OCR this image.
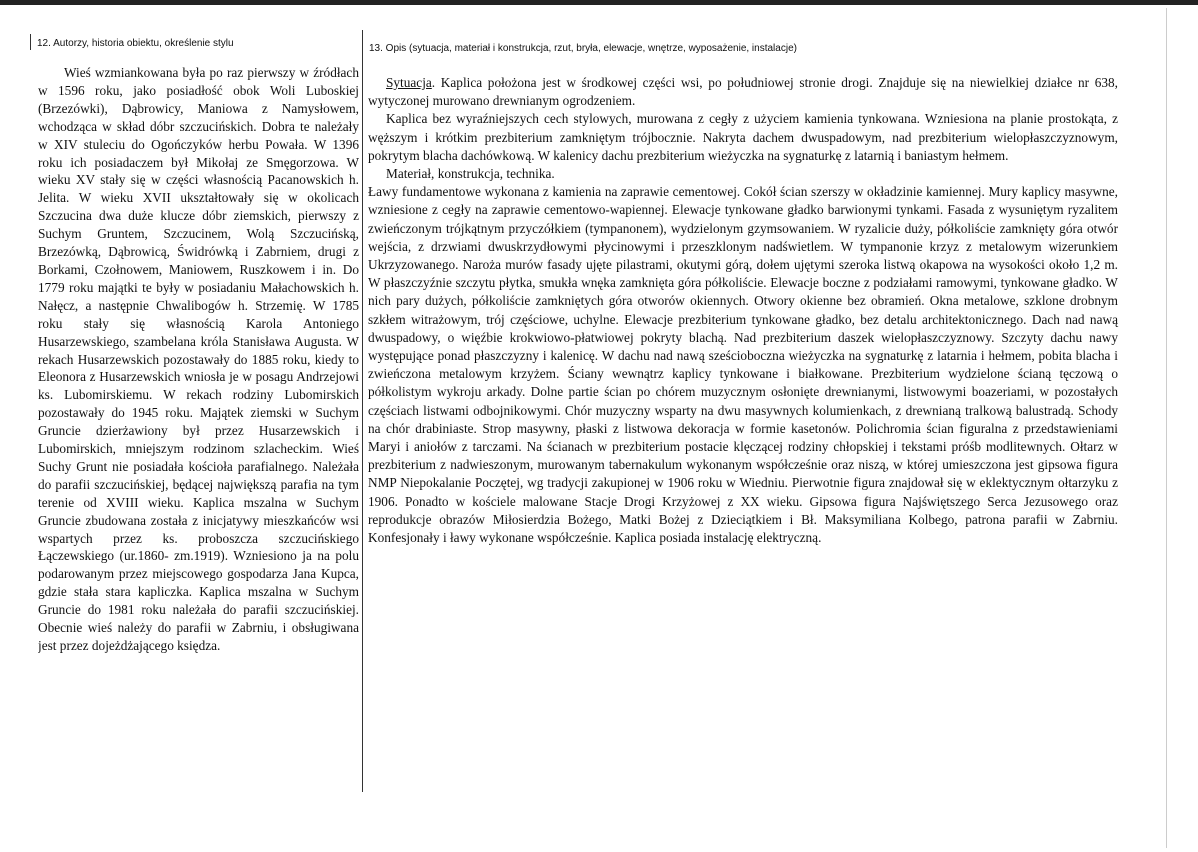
12. Autorzy, historia obiektu, określenie stylu	13. Opis (sytuacja, materiał i konstrukcja, rzut, bryła, elewacje, wnętrze, wyposażenie, instalacje)

Wieś wzmiankowana była po raz pierwszy w źródłach w 1596 roku, jako posiadłość obok Woli Luboskiej (Brzezówki), Dąbrowicy, Maniowa z Namysłowem, wchodząca w skład dóbr szczucińskich. Dobra te należały w XIV stuleciu do Ogończyków herbu Powała. W 1396 roku ich posiadaczem był Mikołaj ze Smęgorzowa. W wieku XV stały się w części własnością Pacanowskich h. Jelita. W wieku XVII ukształtowały się w okolicach Szczucina dwa duże klucze dóbr ziemskich, pierwszy z Suchym Gruntem, Szczucinem, Wolą Szczucińską, Brzezówką, Dąbrowicą, Świdrówką i Zabrniem, drugi z Borkami, Czołnowem, Maniowem, Ruszkowem i in. Do 1779 roku majątki te były w posiadaniu Małachowskich h. Nałęcz, a następnie Chwalibogów h. Strzemię. W 1785 roku stały się własnością Karola Antoniego Husarzewskiego, szambelana króla Stanisława Augusta. W rekach Husarzewskich pozostawały do 1885 roku, kiedy to Eleonora z Husarzewskich wniosła je w posagu Andrzejowi ks. Lubomirskiemu. W rekach rodziny Lubomirskich pozostawały do 1945 roku. Majątek ziemski w Suchym Gruncie dzierżawiony był przez Husarzewskich i Lubomirskich, mniejszym rodzinom szlacheckim. Wieś Suchy Grunt nie posiadała kościoła parafialnego. Należała do parafii szczucińskiej, będącej największą parafia na tym terenie od XVIII wieku. Kaplica mszalna w Suchym Gruncie zbudowana została z inicjatywy mieszkańców wsi wspartych przez ks. proboszcza szczucińskiego Łączewskiego (ur.1860- zm.1919). Wzniesiono ja na polu podarowanym przez miejscowego gospodarza Jana Kupca, gdzie stała stara kapliczka. Kaplica mszalna w Suchym Gruncie do 1981 roku należała do parafii szczucińskiej. Obecnie wieś należy do parafii w Zabrniu, i obsługiwana jest przez dojeżdżającego księdza.

Sytuacja. Kaplica położona jest w środkowej części wsi, po południowej stronie drogi. Znajduje się na niewielkiej działce nr 638, wytyczonej murowano drewnianym ogrodzeniem.

Kaplica bez wyraźniejszych cech stylowych, murowana z cegły z użyciem kamienia tynkowana. Wzniesiona na planie prostokąta, z węższym i krótkim prezbiterium zamkniętym trójbocznie. Nakryta dachem dwuspadowym, nad prezbiterium wielopłaszczyznowym, pokrytym blacha dachówkową. W kalenicy dachu prezbiterium wieżyczka na sygnaturkę z latarnią i baniastym hełmem.

Materiał, konstrukcja, technika.

Ławy fundamentowe wykonana z kamienia na zaprawie cementowej. Cokół ścian szerszy w okładzinie kamiennej. Mury kaplicy masywne, wzniesione z cegły na zaprawie cementowo-wapiennej. Elewacje tynkowane gładko barwionymi tynkami. Fasada z wysuniętym ryzalitem zwieńczonym trójkątnym przyczółkiem (tympanonem), wydzielonym gzymsowaniem. W ryzalicie duży, półkoliście zamknięty góra otwór wejścia, z drzwiami dwuskrzydłowymi płycinowymi i przeszklonym nadświetlem. W tympanonie krzyz z metalowym wizerunkiem Ukrzyzowanego. Naroża murów fasady ujęte pilastrami, okutymi górą, dołem ujętymi szeroka listwą okapowa na wysokości około 1,2 m. W płaszczyźnie szczytu płytka, smukła wnęka zamknięta góra półkoliście. Elewacje boczne z podziałami ramowymi, tynkowane gładko. W nich pary dużych, półkoliście zamkniętych góra otworów okiennych. Otwory okienne bez obramień. Okna metalowe, szklone drobnym szkłem witrażowym, trój częściowe, uchylne. Elewacje prezbiterium tynkowane gładko, bez detalu architektonicznego. Dach nad nawą dwuspadowy, o więźbie krokwiowo-płatwiowej pokryty blachą. Nad prezbiterium daszek wielopłaszczyznowy. Szczyty dachu nawy występujące ponad płaszczyzny i kalenicę. W dachu nad nawą sześcioboczna wieżyczka na sygnaturkę z latarnia i hełmem, pobita blacha i zwieńczona metalowym krzyżem. Ściany wewnątrz kaplicy tynkowane i białkowane. Prezbiterium wydzielone ścianą tęczową o półkolistym wykroju arkady. Dolne partie ścian po chórem muzycznym osłonięte drewnianymi, listwowymi boazeriami, w pozostałych częściach listwami odbojnikowymi. Chór muzyczny wsparty na dwu masywnych kolumienkach, z drewnianą tralkową balustradą. Schody na chór drabiniaste. Strop masywny, płaski z listwowa dekoracja w formie kasetonów. Polichromia ścian figuralna z przedstawieniami Maryi i aniołów z tarczami. Na ścianach w prezbiterium postacie klęczącej rodziny chłopskiej i tekstami próśb modlitewnych. Ołtarz w prezbiterium z nadwieszonym, murowanym tabernakulum wykonanym współcześnie oraz niszą, w której umieszczona jest gipsowa figura NMP Niepokalanie Poczętej, wg tradycji zakupionej w 1906 roku w Wiedniu. Pierwotnie figura znajdował się w eklektycznym ołtarzyku z 1906. Ponadto w kościele malowane Stacje Drogi Krzyżowej z XX wieku. Gipsowa figura Najświętszego Serca Jezusowego oraz reprodukcje obrazów Miłosierdzia Bożego, Matki Bożej z Dzieciątkiem i Bł. Maksymiliana Kolbego, patrona parafii w Zabrniu. Konfesjonały i ławy wykonane współcześnie. Kaplica posiada instalację elektryczną.
